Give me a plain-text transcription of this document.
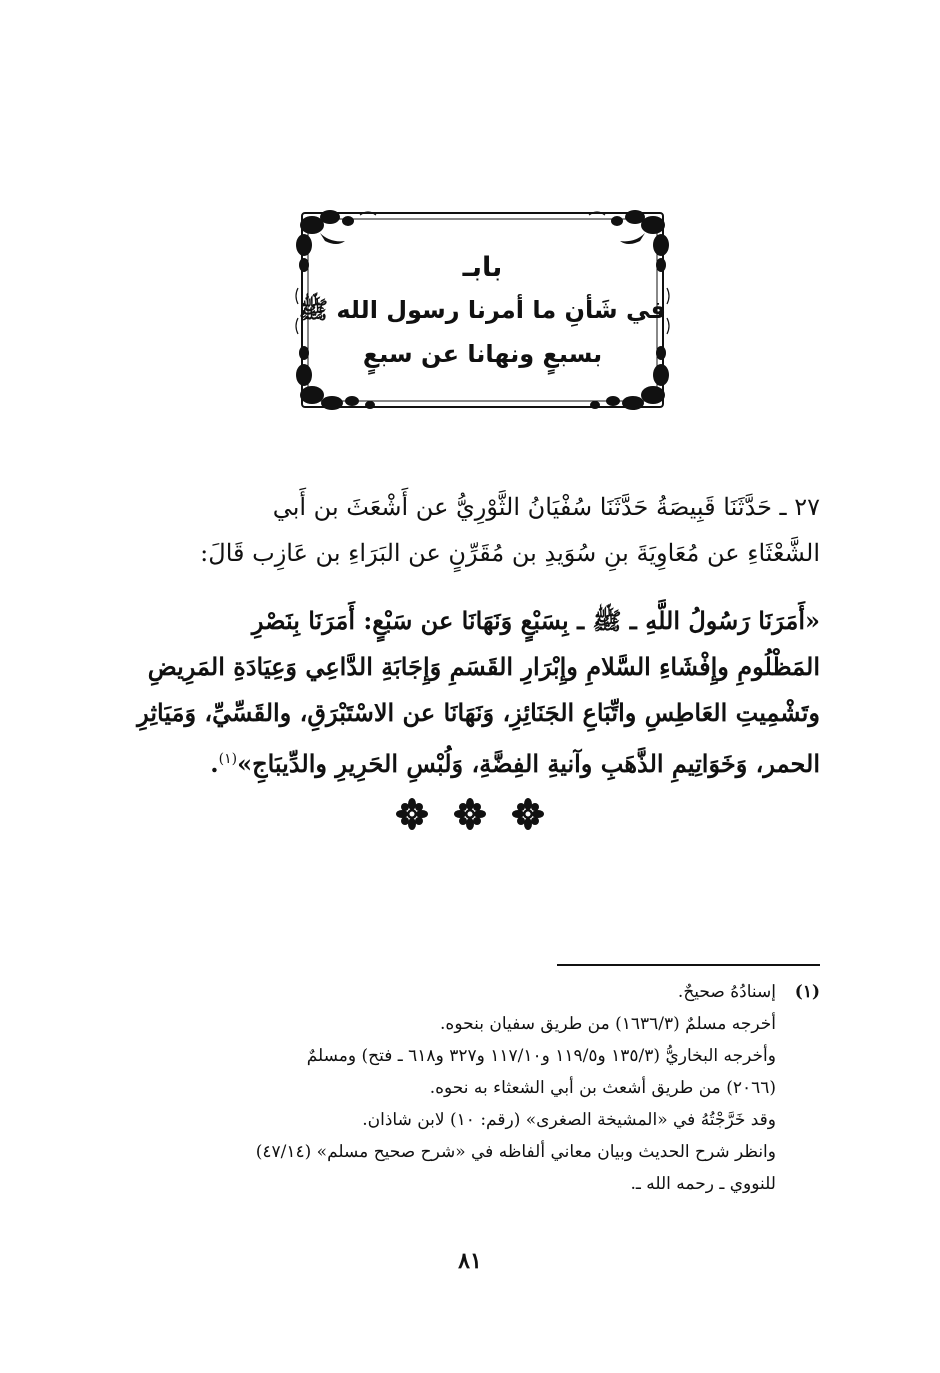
بابـ
في شَأنِ ما أمرنا رسول الله ﷺ
بسبعٍ ونهانا عن سبعٍ

٢٧ ـ حَدَّثَنَا قَبِيصَةُ حَدَّثَنَا سُفْيَانُ الثَّوْرِيُّ عن أَشْعَثَ بن أَبي

الشَّعْثَاءِ عن مُعَاوِيَةَ بنِ سُوَيدِ بن مُقَرِّنٍ عن البَرَاءِ بن عَازِب قَالَ:

«أَمَرَنَا رَسُولُ اللَّهِ ـ ﷺ ـ بِسَبْعٍ وَنَهَانَا عن سَبْعٍ: أَمَرَنَا بِنَصْرِ

المَظْلُومِ وإِفْشَاءِ السَّلامِ وإِبْرَارِ القَسَمِ وَإِجَابَةِ الدَّاعِي وَعِيَادَةِ المَرِيضِ

وتَشْمِيتِ العَاطِسِ واتِّبَاعِ الجَنَائِزِ، وَنَهَانَا عن الاسْتَبْرَقِ، والقَسِّيِّ، وَمَيَاثِرِ

الحمر، وَخَوَاتِيمِ الذَّهَبِ وآنيةِ الفِضَّةِ، وَلُبْسِ الحَرِيرِ والدِّيبَاجِ»$^{(١)}$.

(١)
إسنادُهُ صحيحٌ.
أخرجه مسلمٌ (١٦٣٦/٣) من طريق سفيان بنحوه.
وأخرجه البخاريُّ (١٣٥/٣ و١١٩/٥ و١١٧/١٠ و٣٢٧ و٦١٨ ـ فتح) ومسلمٌ
(٢٠٦٦) من طريق أشعث بن أبي الشعثاء به نحوه.
وقد خَرَّجْتُهُ في «المشيخة الصغرى» (رقم: ١٠) لابن شاذان.
وانظر شرح الحديث وبيان معاني ألفاظه في «شرح صحيح مسلم» (٤٧/١٤)
للنووي ـ رحمه الله ـ.
٨١
